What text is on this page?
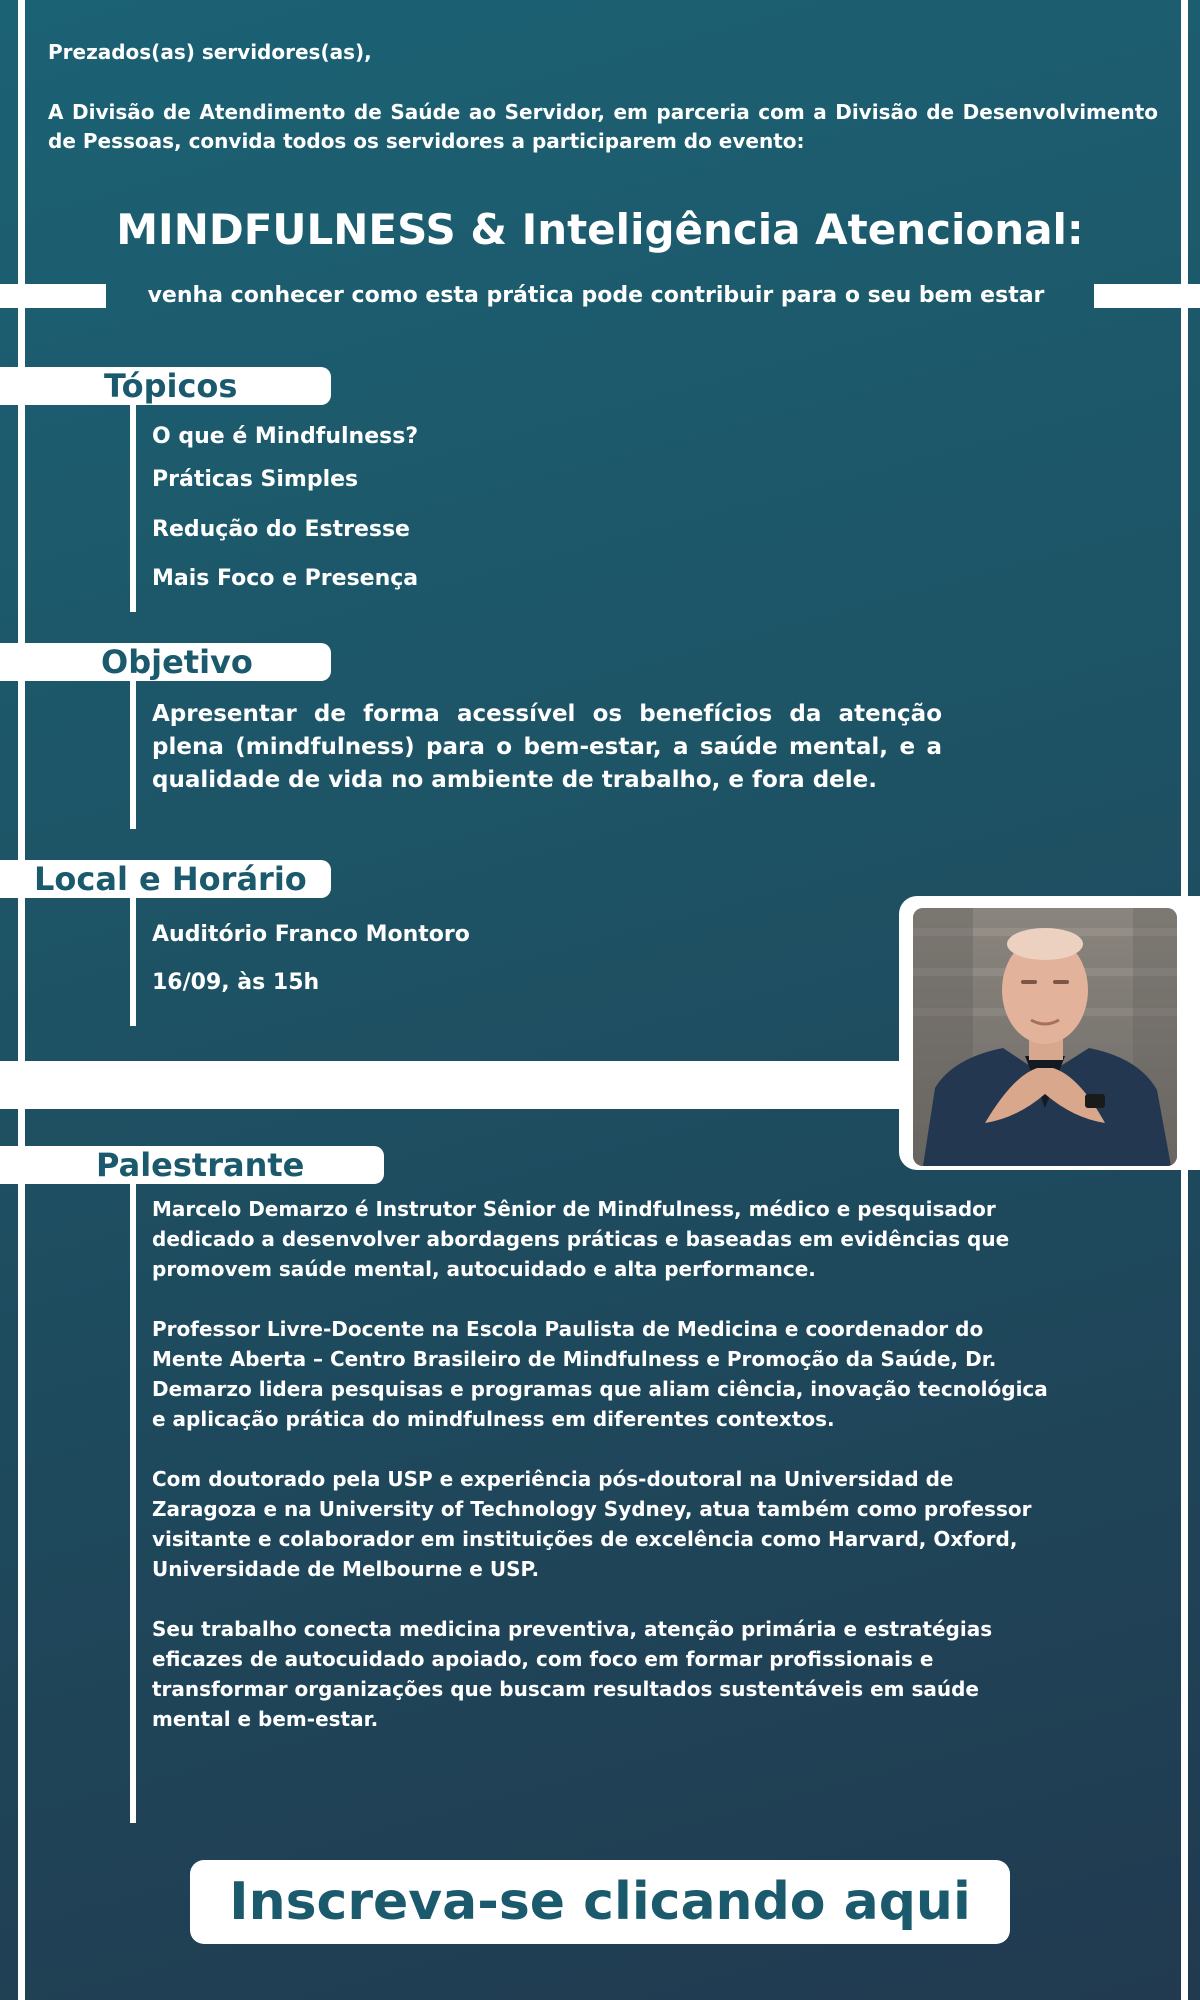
Prezados(as) servidores(as),

A Divisão de Atendimento de Saúde ao Servidor, em parceria com a Divisão de Desenvolvimento de Pessoas, convida todos os servidores a participarem do evento:

MINDFULNESS & Inteligência Atencional:

venha conhecer como esta prática pode contribuir para o seu bem estar

Tópicos

O que é Mindfulness?

Práticas Simples

Redução do Estresse

Mais Foco e Presença

Objetivo

Apresentar de forma acessível os benefícios da atenção plena (mindfulness) para o bem-estar, a saúde mental, e a qualidade de vida no ambiente de trabalho, e fora dele.

Local e Horário

Auditório Franco Montoro

16/09, às 15h

Palestrante

Marcelo Demarzo é Instrutor Sênior de Mindfulness, médico e pesquisador dedicado a desenvolver abordagens práticas e baseadas em evidências que promovem saúde mental, autocuidado e alta performance.

Professor Livre-Docente na Escola Paulista de Medicina e coordenador do Mente Aberta – Centro Brasileiro de Mindfulness e Promoção da Saúde, Dr. Demarzo lidera pesquisas e programas que aliam ciência, inovação tecnológica e aplicação prática do mindfulness em diferentes contextos.

Com doutorado pela USP e experiência pós-doutoral na Universidad de Zaragoza e na University of Technology Sydney, atua também como professor visitante e colaborador em instituições de excelência como Harvard, Oxford, Universidade de Melbourne e USP.

Seu trabalho conecta medicina preventiva, atenção primária e estratégias eficazes de autocuidado apoiado, com foco em formar profissionais e transformar organizações que buscam resultados sustentáveis em saúde mental e bem-estar.

Inscreva-se clicando aqui
